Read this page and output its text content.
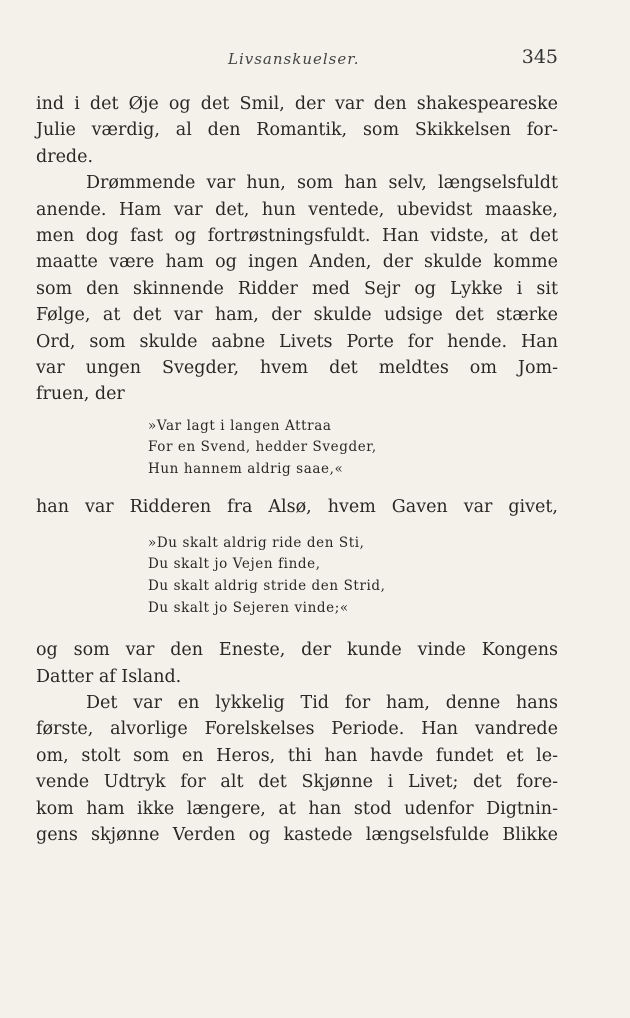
Livsanskuelser.	345
ind i det Øje og det Smil, der var den shakespeareske
Julie værdig, al den Romantik, som Skikkelsen for-
drede.
Drømmende var hun, som han selv, længselsfuldt
anende. Ham var det, hun ventede, ubevidst maaske,
men dog fast og fortrøstningsfuldt. Han vidste, at det
maatte være ham og ingen Anden, der skulde komme
som den skinnende Ridder med Sejr og Lykke i sit
Følge, at det var ham, der skulde udsige det stærke
Ord, som skulde aabne Livets Porte for hende. Han
var ungen Svegder, hvem det meldtes om Jom-
fruen, der
»Var lagt i langen Attraa
For en Svend, hedder Svegder,
Hun hannem aldrig saae,«
han var Ridderen fra Alsø, hvem Gaven var givet,
»Du skalt aldrig ride den Sti,
Du skalt jo Vejen finde,
Du skalt aldrig stride den Strid,
Du skalt jo Sejeren vinde;«
og som var den Eneste, der kunde vinde Kongens
Datter af Island.
Det var en lykkelig Tid for ham, denne hans
første, alvorlige Forelskelses Periode. Han vandrede
om, stolt som en Heros, thi han havde fundet et le-
vende Udtryk for alt det Skjønne i Livet; det fore-
kom ham ikke længere, at han stod udenfor Digtnin-
gens skjønne Verden og kastede længselsfulde Blikke
